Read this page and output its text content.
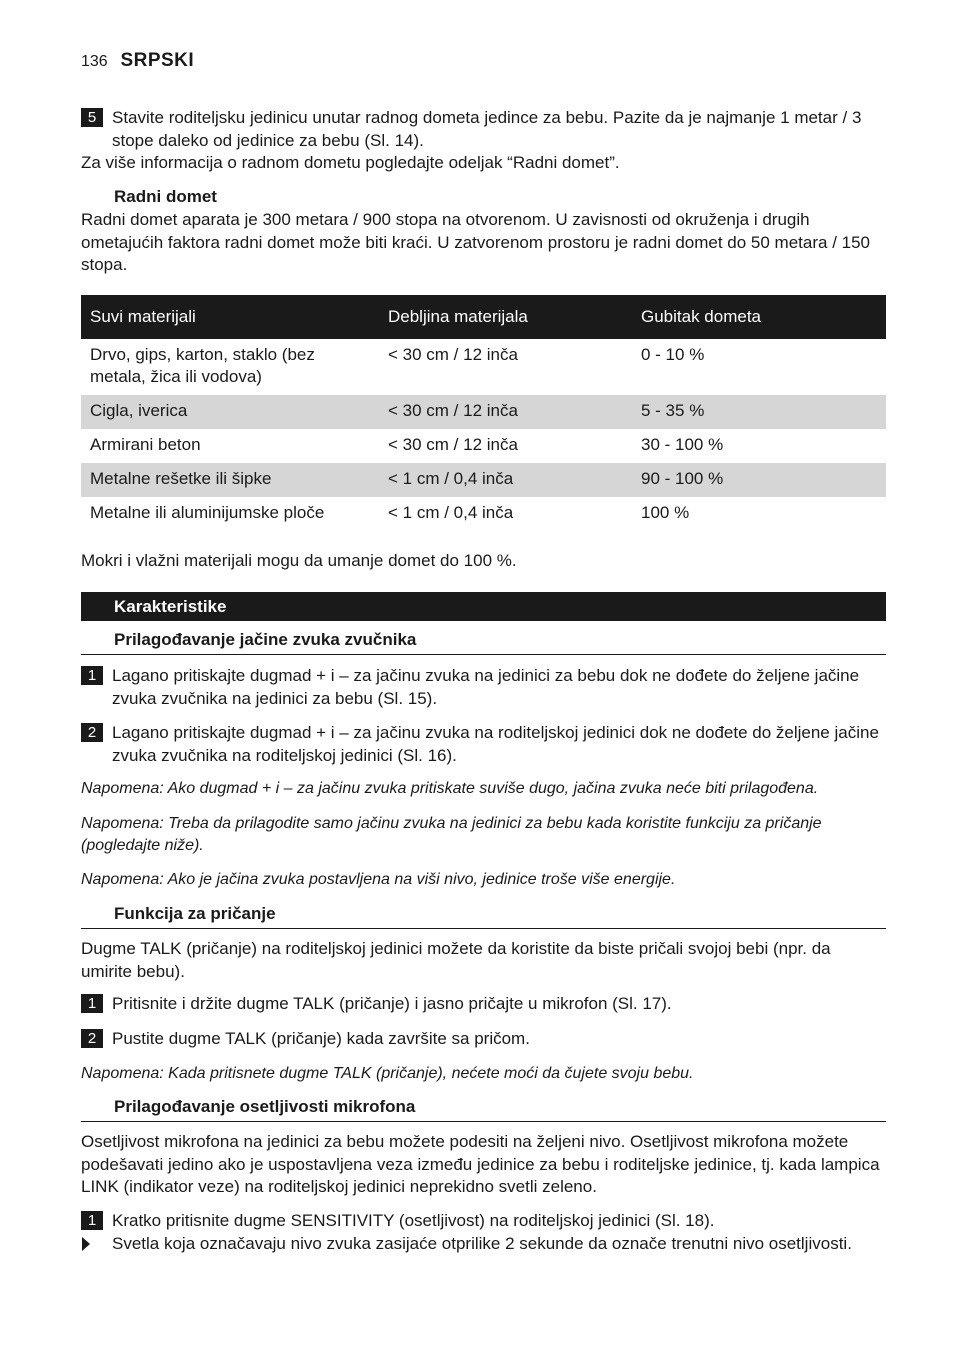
136 SRPSKI
5 Stavite roditeljsku jedinicu unutar radnog dometa jedince za bebu. Pazite da je najmanje 1 metar / 3 stope daleko od jedinice za bebu (Sl. 14).
Za više informacija o radnom dometu pogledajte odeljak “Radni domet”.
Radni domet
Radni domet aparata je 300 metara / 900 stopa na otvorenom. U zavisnosti od okruženja i drugih ometajućih faktora radni domet može biti kraći. U zatvorenom prostoru je radni domet do 50 metara / 150 stopa.
Suvi materijali	Debljina materijala	Gubitak dometa
Drvo, gips, karton, staklo (bez metala, žica ili vodova)	< 30 cm / 12 inča	0 - 10 %
Cigla, iverica	< 30 cm / 12 inča	5 - 35 %
Armirani beton	< 30 cm / 12 inča	30 - 100 %
Metalne rešetke ili šipke	< 1 cm / 0,4 inča	90 - 100 %
Metalne ili aluminijumske ploče	< 1 cm / 0,4 inča	100 %
Mokri i vlažni materijali mogu da umanje domet do 100 %.
Karakteristike
Prilagođavanje jačine zvuka zvučnika
1 Lagano pritiskajte dugmad + i – za jačinu zvuka na jedinici za bebu dok ne dođete do željene jačine zvuka zvučnika na jedinici za bebu (Sl. 15).
2 Lagano pritiskajte dugmad + i – za jačinu zvuka na roditeljskoj jedinici dok ne dođete do željene jačine zvuka zvučnika na roditeljskoj jedinici (Sl. 16).
Napomena: Ako dugmad + i – za jačinu zvuka pritiskate suviše dugo, jačina zvuka neće biti prilagođena.
Napomena: Treba da prilagodite samo jačinu zvuka na jedinici za bebu kada koristite funkciju za pričanje (pogledajte niže).
Napomena: Ako je jačina zvuka postavljena na viši nivo, jedinice troše više energije.
Funkcija za pričanje
Dugme TALK (pričanje) na roditeljskoj jedinici možete da koristite da biste pričali svojoj bebi (npr. da umirite bebu).
1 Pritisnite i držite dugme TALK (pričanje) i jasno pričajte u mikrofon (Sl. 17).
2 Pustite dugme TALK (pričanje) kada završite sa pričom.
Napomena: Kada pritisnete dugme TALK (pričanje), nećete moći da čujete svoju bebu.
Prilagođavanje osetljivosti mikrofona
Osetljivost mikrofona na jedinici za bebu možete podesiti na željeni nivo. Osetljivost mikrofona možete podešavati jedino ako je uspostavljena veza između jedinice za bebu i roditeljske jedinice, tj. kada lampica LINK (indikator veze) na roditeljskoj jedinici neprekidno svetli zeleno.
1 Kratko pritisnite dugme SENSITIVITY (osetljivost) na roditeljskoj jedinici (Sl. 18).
Svetla koja označavaju nivo zvuka zasijaće otprilike 2 sekunde da označe trenutni nivo osetljivosti.
